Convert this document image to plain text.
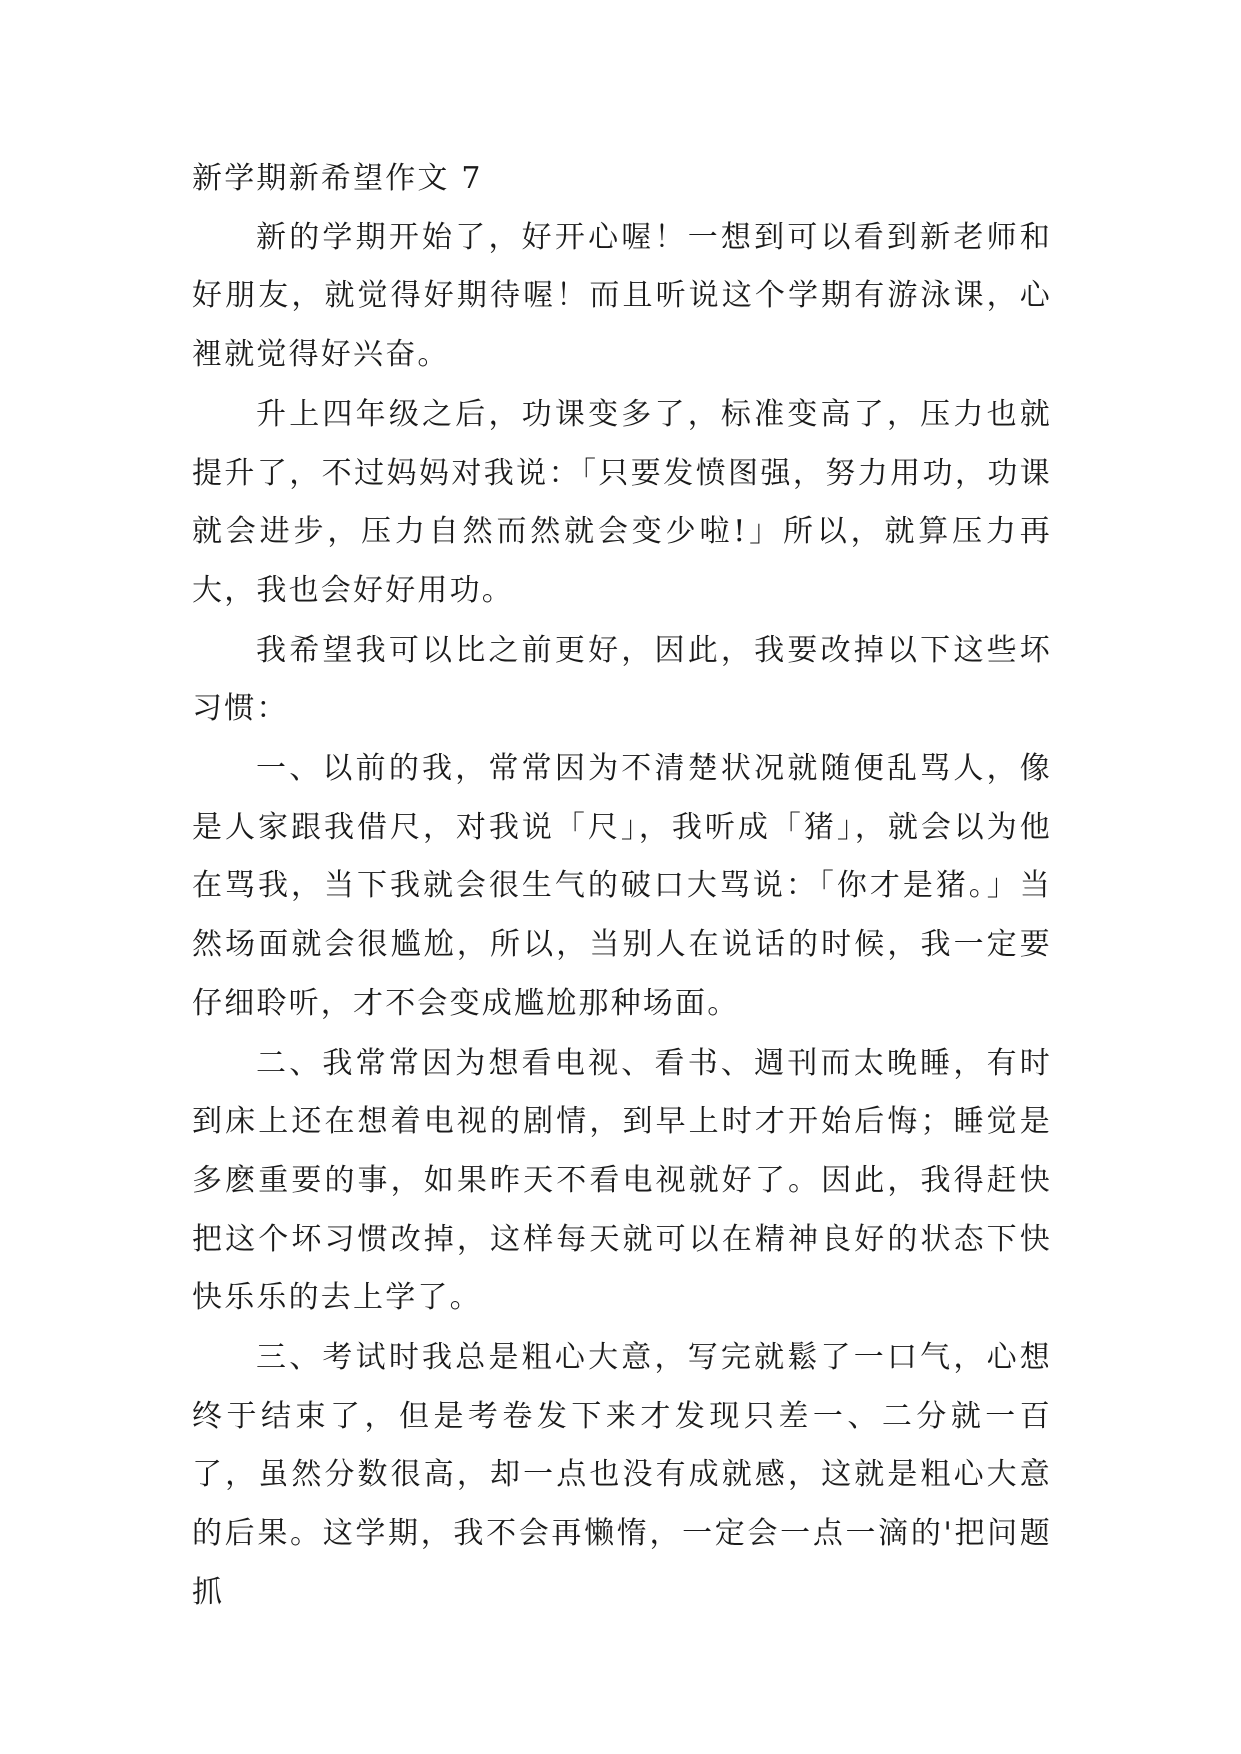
新学期新希望作文 7

新的学期开始了，好开心喔！一想到可以看到新老师和好朋友，就觉得好期待喔！而且听说这个学期有游泳课，心裡就觉得好兴奋。

升上四年级之后，功课变多了，标准变高了，压力也就提升了，不过妈妈对我说：「只要发愤图强，努力用功，功课就会进步，压力自然而然就会变少啦!」所以，就算压力再大，我也会好好用功。

我希望我可以比之前更好，因此，我要改掉以下这些坏习惯：

一、以前的我，常常因为不清楚状况就随便乱骂人，像是人家跟我借尺，对我说「尺」，我听成「猪」，就会以为他在骂我，当下我就会很生气的破口大骂说：「你才是猪。」当然场面就会很尴尬，所以，当别人在说话的时候，我一定要仔细聆听，才不会变成尴尬那种场面。

二、我常常因为想看电视、看书、週刊而太晚睡，有时到床上还在想着电视的剧情，到早上时才开始后悔；睡觉是多麽重要的事，如果昨天不看电视就好了。因此，我得赶快把这个坏习惯改掉，这样每天就可以在精神良好的状态下快快乐乐的去上学了。

三、考试时我总是粗心大意，写完就鬆了一口气，心想终于结束了，但是考卷发下来才发现只差一、二分就一百了，虽然分数很高，却一点也没有成就感，这就是粗心大意的后果。这学期，我不会再懒惰，一定会一点一滴的'把问题抓
